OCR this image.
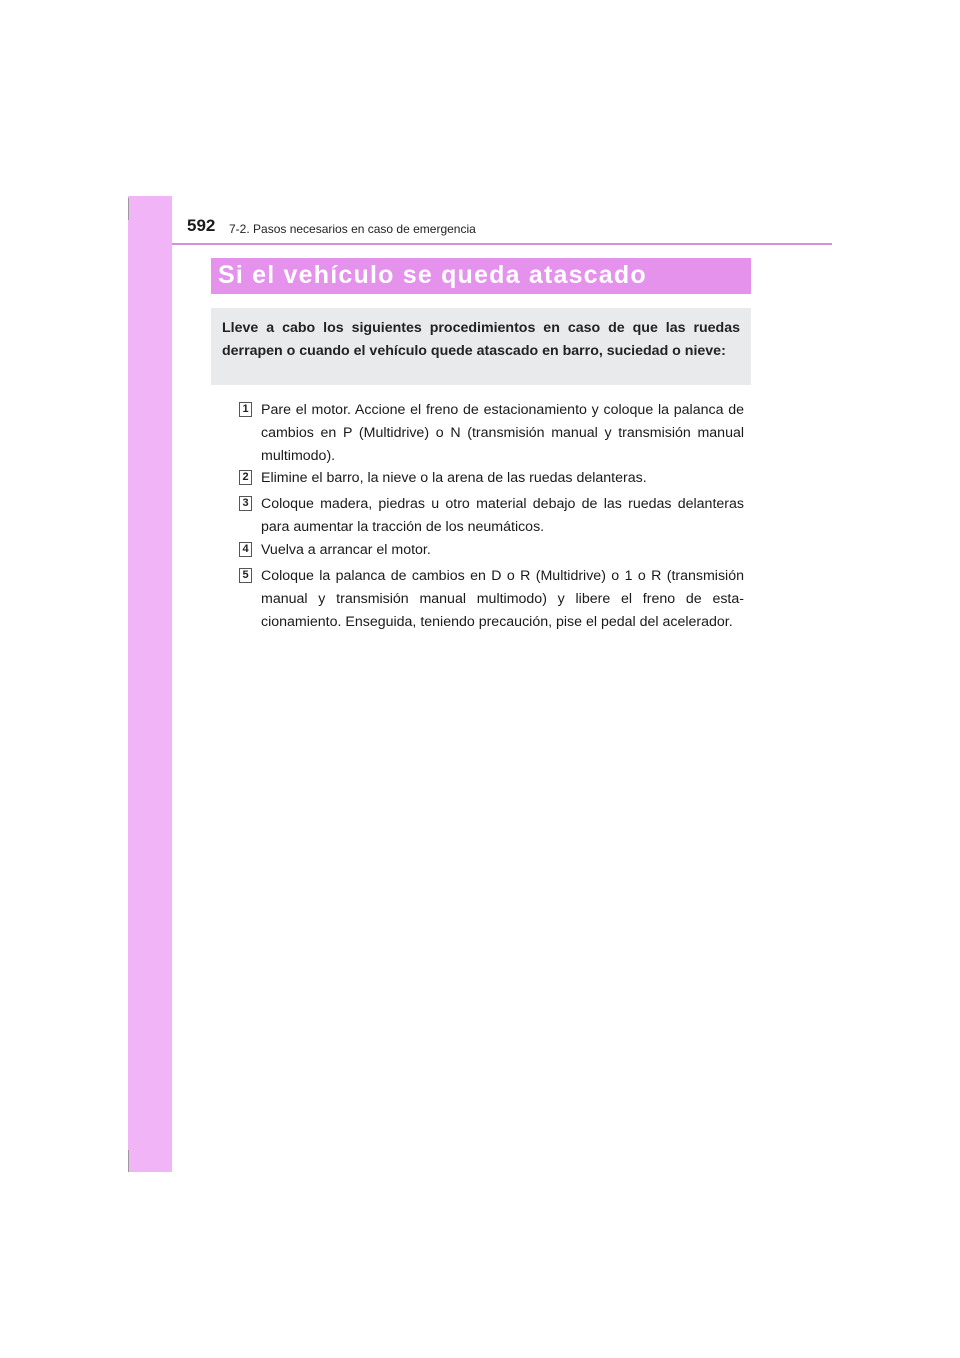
592 7-2. Pasos necesarios en caso de emergencia
Si el vehículo se queda atascado

Lleve a cabo los siguientes procedimientos en caso de que las ruedas derrapen o cuando el vehículo quede atascado en barro, suciedad o nieve:

1 Pare el motor. Accione el freno de estacionamiento y coloque la palanca de cambios en P (Multidrive) o N (transmisión manual y transmisión manual multimodo).

2 Elimine el barro, la nieve o la arena de las ruedas delanteras.

3 Coloque madera, piedras u otro material debajo de las ruedas delanteras para aumentar la tracción de los neumáticos.

4 Vuelva a arrancar el motor.

5 Coloque la palanca de cambios en D o R (Multidrive) o 1 o R (transmisión manual y transmisión manual multimodo) y libere el freno de estacionamiento. Enseguida, teniendo precaución, pise el pedal del acelerador.
